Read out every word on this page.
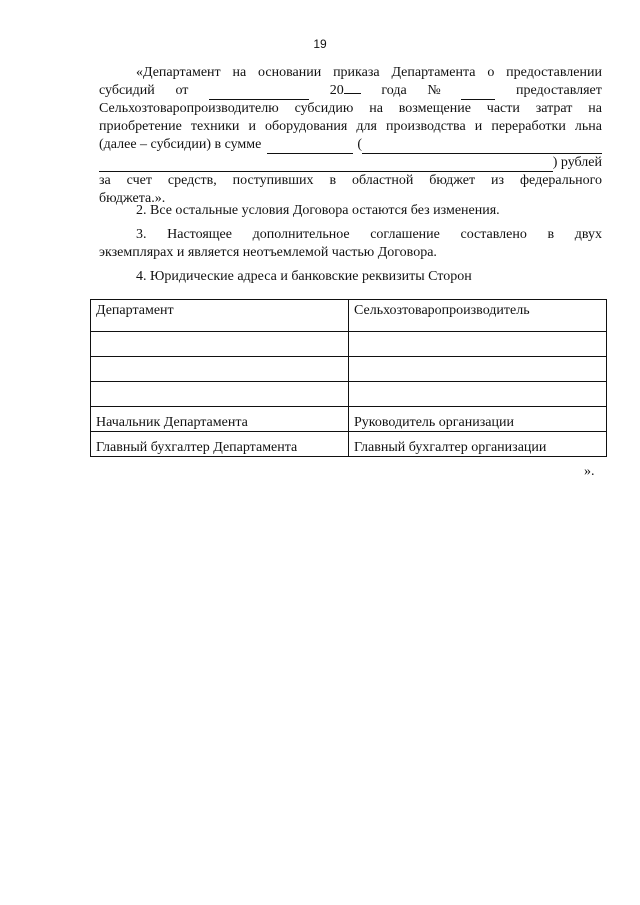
19
«Департамент на основании приказа Департамента о предоставлении
субсидий от	20	года №	предоставляет
Сельхозтоваропроизводителю субсидию на возмещение части затрат на
приобретение техники и оборудования для производства и переработки льна
(далее – субсидии) в сумме	(
) рублей
за счет средств, поступивших в областной бюджет из федерального
бюджета.».
2. Все остальные условия Договора остаются без изменения.
3. Настоящее дополнительное соглашение составлено в двух
экземплярах и является неотъемлемой частью Договора.
4. Юридические адреса и банковские реквизиты Сторон
Департамент	Сельхозтоваропроизводитель

Начальник Департамента	Руководитель организации
Главный бухгалтер Департамента	Главный бухгалтер организации
».
